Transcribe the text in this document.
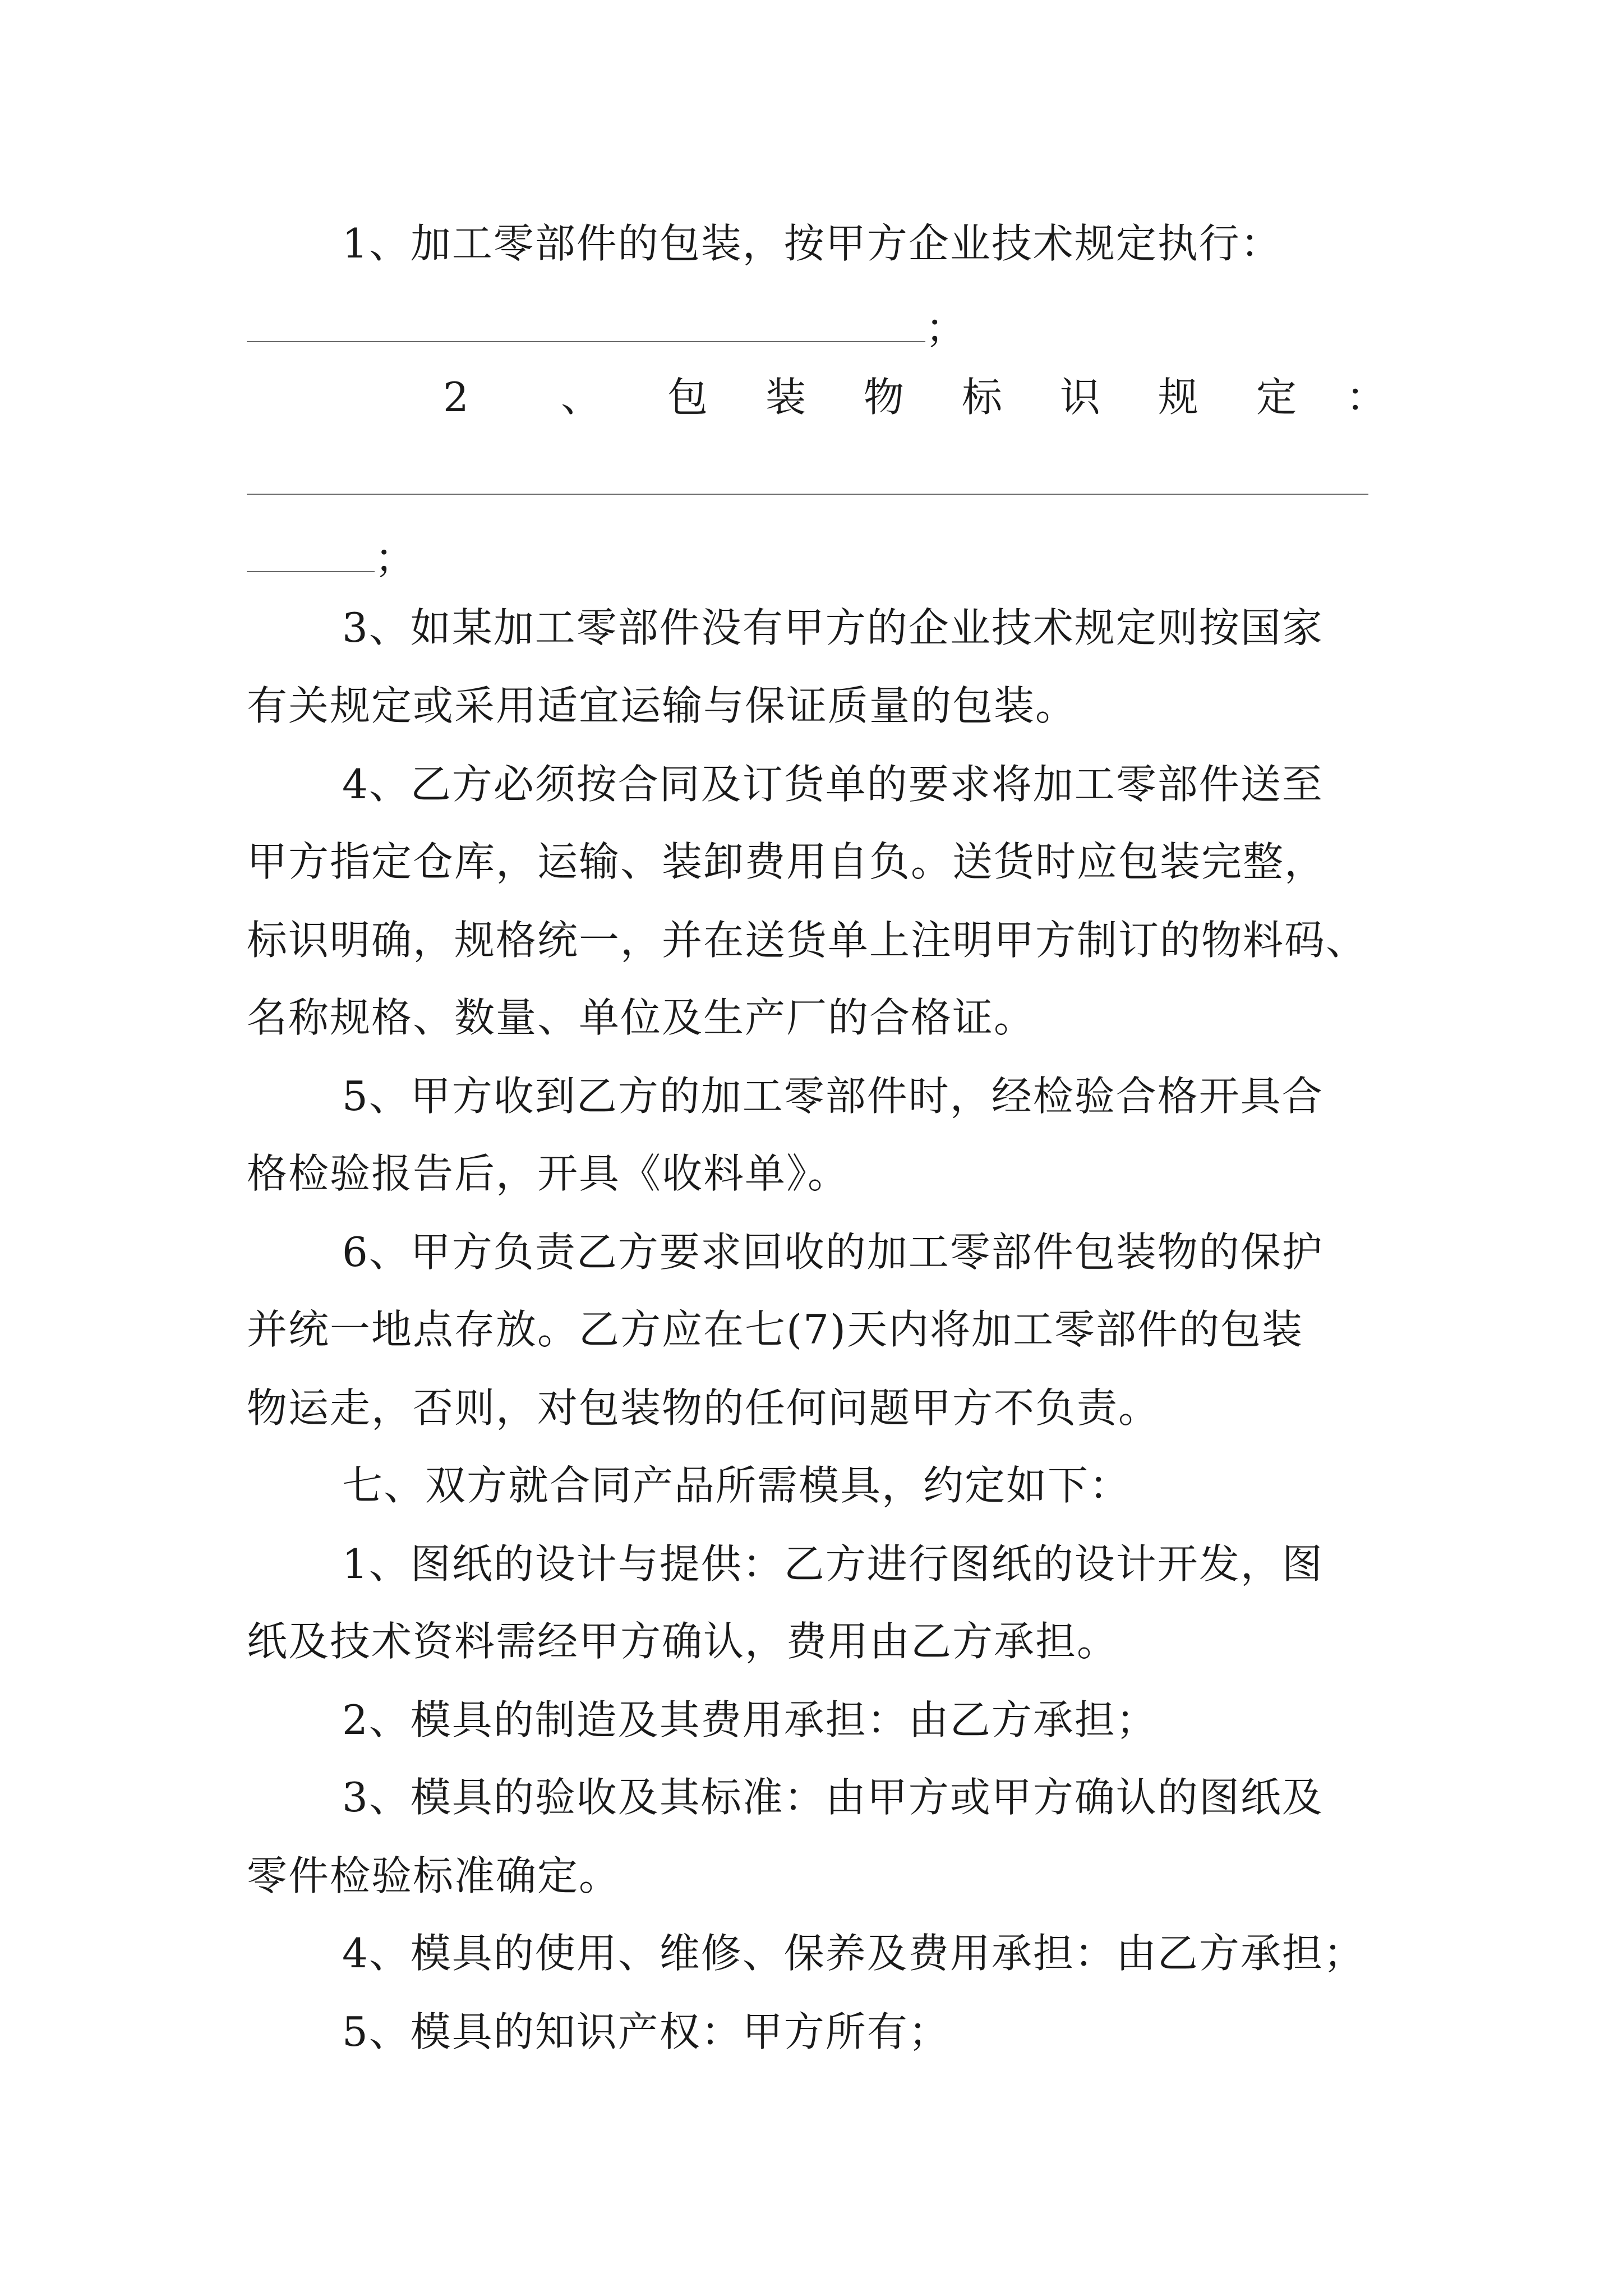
1、加工零部件的包装，按甲方企业技术规定执行：
；
2 、 包 装 物 标 识 规 定 ：
；
3、如某加工零部件没有甲方的企业技术规定则按国家
有关规定或采用适宜运输与保证质量的包装。
4、乙方必须按合同及订货单的要求将加工零部件送至
甲方指定仓库，运输、装卸费用自负。送货时应包装完整，
标识明确，规格统一，并在送货单上注明甲方制订的物料码、
名称规格、数量、单位及生产厂的合格证。
5、甲方收到乙方的加工零部件时，经检验合格开具合
格检验报告后，开具《收料单》。
6、甲方负责乙方要求回收的加工零部件包装物的保护
并统一地点存放。乙方应在七(7)天内将加工零部件的包装
物运走，否则，对包装物的任何问题甲方不负责。
七、双方就合同产品所需模具，约定如下：
1、图纸的设计与提供：乙方进行图纸的设计开发，图
纸及技术资料需经甲方确认，费用由乙方承担。
2、模具的制造及其费用承担：由乙方承担；
3、模具的验收及其标准：由甲方或甲方确认的图纸及
零件检验标准确定。
4、模具的使用、维修、保养及费用承担：由乙方承担；
5、模具的知识产权：甲方所有；
